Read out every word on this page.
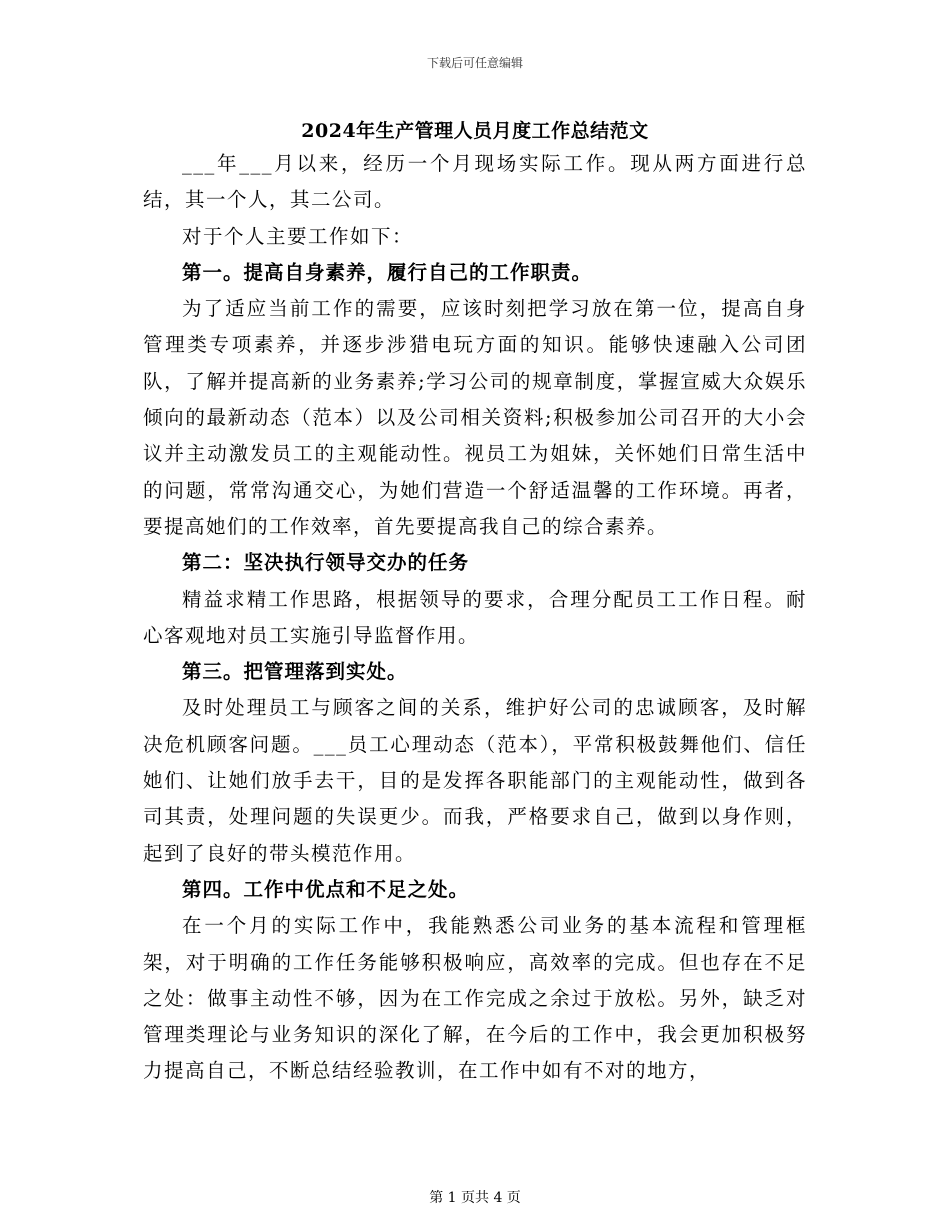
下载后可任意编辑
2024年生产管理人员月度工作总结范文

___年___月以来，经历一个月现场实际工作。现从两方面进行总结，其一个人，其二公司。

对于个人主要工作如下：

第一。提高自身素养，履行自己的工作职责。

为了适应当前工作的需要，应该时刻把学习放在第一位，提高自身管理类专项素养，并逐步涉猎电玩方面的知识。能够快速融入公司团队，了解并提高新的业务素养;学习公司的规章制度，掌握宣威大众娱乐倾向的最新动态（范本）以及公司相关资料;积极参加公司召开的大小会议并主动激发员工的主观能动性。视员工为姐妹，关怀她们日常生活中的问题，常常沟通交心，为她们营造一个舒适温馨的工作环境。再者，要提高她们的工作效率，首先要提高我自己的综合素养。

第二：坚决执行领导交办的任务

精益求精工作思路，根据领导的要求，合理分配员工工作日程。耐心客观地对员工实施引导监督作用。

第三。把管理落到实处。

及时处理员工与顾客之间的关系，维护好公司的忠诚顾客，及时解决危机顾客问题。___员工心理动态（范本），平常积极鼓舞他们、信任她们、让她们放手去干，目的是发挥各职能部门的主观能动性，做到各司其责，处理问题的失误更少。而我，严格要求自己，做到以身作则，起到了良好的带头模范作用。

第四。工作中优点和不足之处。

在一个月的实际工作中，我能熟悉公司业务的基本流程和管理框架，对于明确的工作任务能够积极响应，高效率的完成。但也存在不足之处：做事主动性不够，因为在工作完成之余过于放松。另外，缺乏对管理类理论与业务知识的深化了解，在今后的工作中，我会更加积极努力提高自己，不断总结经验教训，在工作中如有不对的地方，

第 1 页共 4 页
